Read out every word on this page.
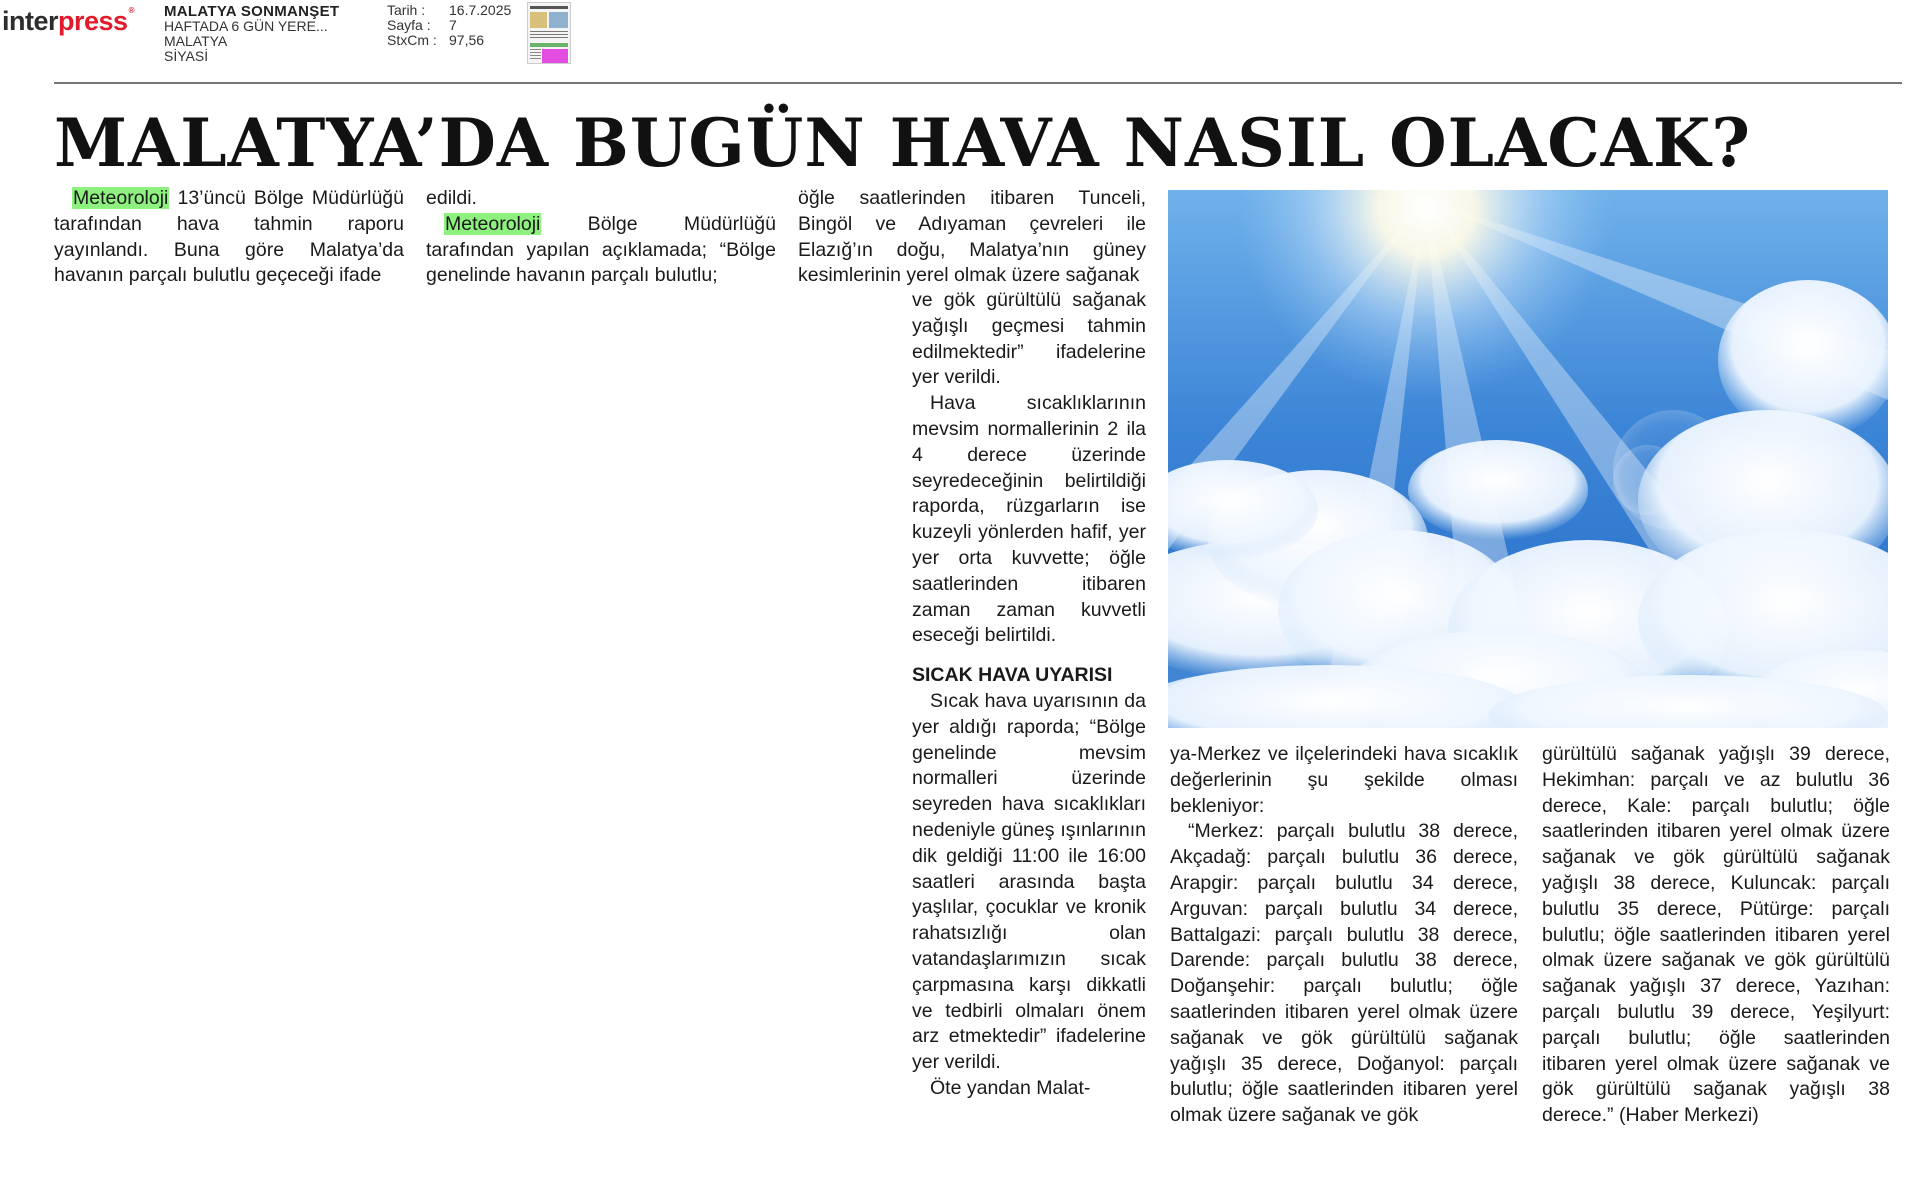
interpress® MALATYA SONMANŞET
HAFTADA 6 GÜN YERE...
MALATYA
SİYASİ
Tarih :	16.7.2025
Sayfa :	7
StxCm : 97,56
MALATYA’DA BUGÜN HAVA NASIL OLACAK?

Meteoroloji 13’üncü Bölge Müdürlüğü tarafından hava tahmin raporu yayınlandı. Buna göre Malatya’da havanın parçalı bulutlu geçeceği ifade

edildi.

Meteoroloji Bölge Müdürlüğü tarafından yapılan açıklamada; “Bölge genelinde havanın parçalı bulutlu;

öğle saatlerinden itibaren Tunceli, Bingöl ve Adıyaman çevreleri ile Elazığ’ın doğu, Malatya’nın güney kesimlerinin yerel olmak üzere sağanak

ve gök gürültülü sağanak yağışlı geçmesi tahmin edilmektedir” ifadelerine yer verildi.

Hava sıcaklıklarının mevsim normallerinin 2 ila 4 derece üzerinde seyredeceğinin belirtildiği raporda, rüzgarların ise kuzeyli yönlerden hafif, yer yer orta kuvvette; öğle saatlerinden itibaren zaman zaman kuvvetli eseceği belirtildi.

SICAK HAVA UYARISI

Sıcak hava uyarısının da yer aldığı raporda; “Bölge genelinde mevsim normalleri üzerinde seyreden hava sıcaklıkları nedeniyle güneş ışınlarının dik geldiği 11:00 ile 16:00 saatleri arasında başta yaşlılar, çocuklar ve kronik rahatsızlığı olan vatandaşlarımızın sıcak çarpmasına karşı dikkatli ve tedbirli olmaları önem arz etmektedir” ifadelerine yer verildi.

Öte yandan Malat-

ya-Merkez ve ilçelerindeki hava sıcaklık değerlerinin şu şekilde olması bekleniyor:

“Merkez: parçalı bulutlu 38 derece, Akçadağ: parçalı bulutlu 36 derece, Arapgir: parçalı bulutlu 34 derece, Arguvan: parçalı bulutlu 34 derece, Battalgazi: parçalı bulutlu 38 derece, Darende: parçalı bulutlu 38 derece, Doğanşehir: parçalı bulutlu; öğle saatlerinden itibaren yerel olmak üzere sağanak ve gök gürültülü sağanak yağışlı 35 derece, Doğanyol: parçalı bulutlu; öğle saatlerinden itibaren yerel olmak üzere sağanak ve gök

gürültülü sağanak yağışlı 39 derece, Hekimhan: parçalı ve az bulutlu 36 derece, Kale: parçalı bulutlu; öğle saatlerinden itibaren yerel olmak üzere sağanak ve gök gürültülü sağanak yağışlı 38 derece, Kuluncak: parçalı bulutlu 35 derece, Pütürge: parçalı bulutlu; öğle saatlerinden itibaren yerel olmak üzere sağanak ve gök gürültülü sağanak yağışlı 37 derece, Yazıhan: parçalı bulutlu 39 derece, Yeşilyurt: parçalı bulutlu; öğle saatlerinden itibaren yerel olmak üzere sağanak ve gök gürültülü sağanak yağışlı 38 derece.” (Haber Merkezi)
